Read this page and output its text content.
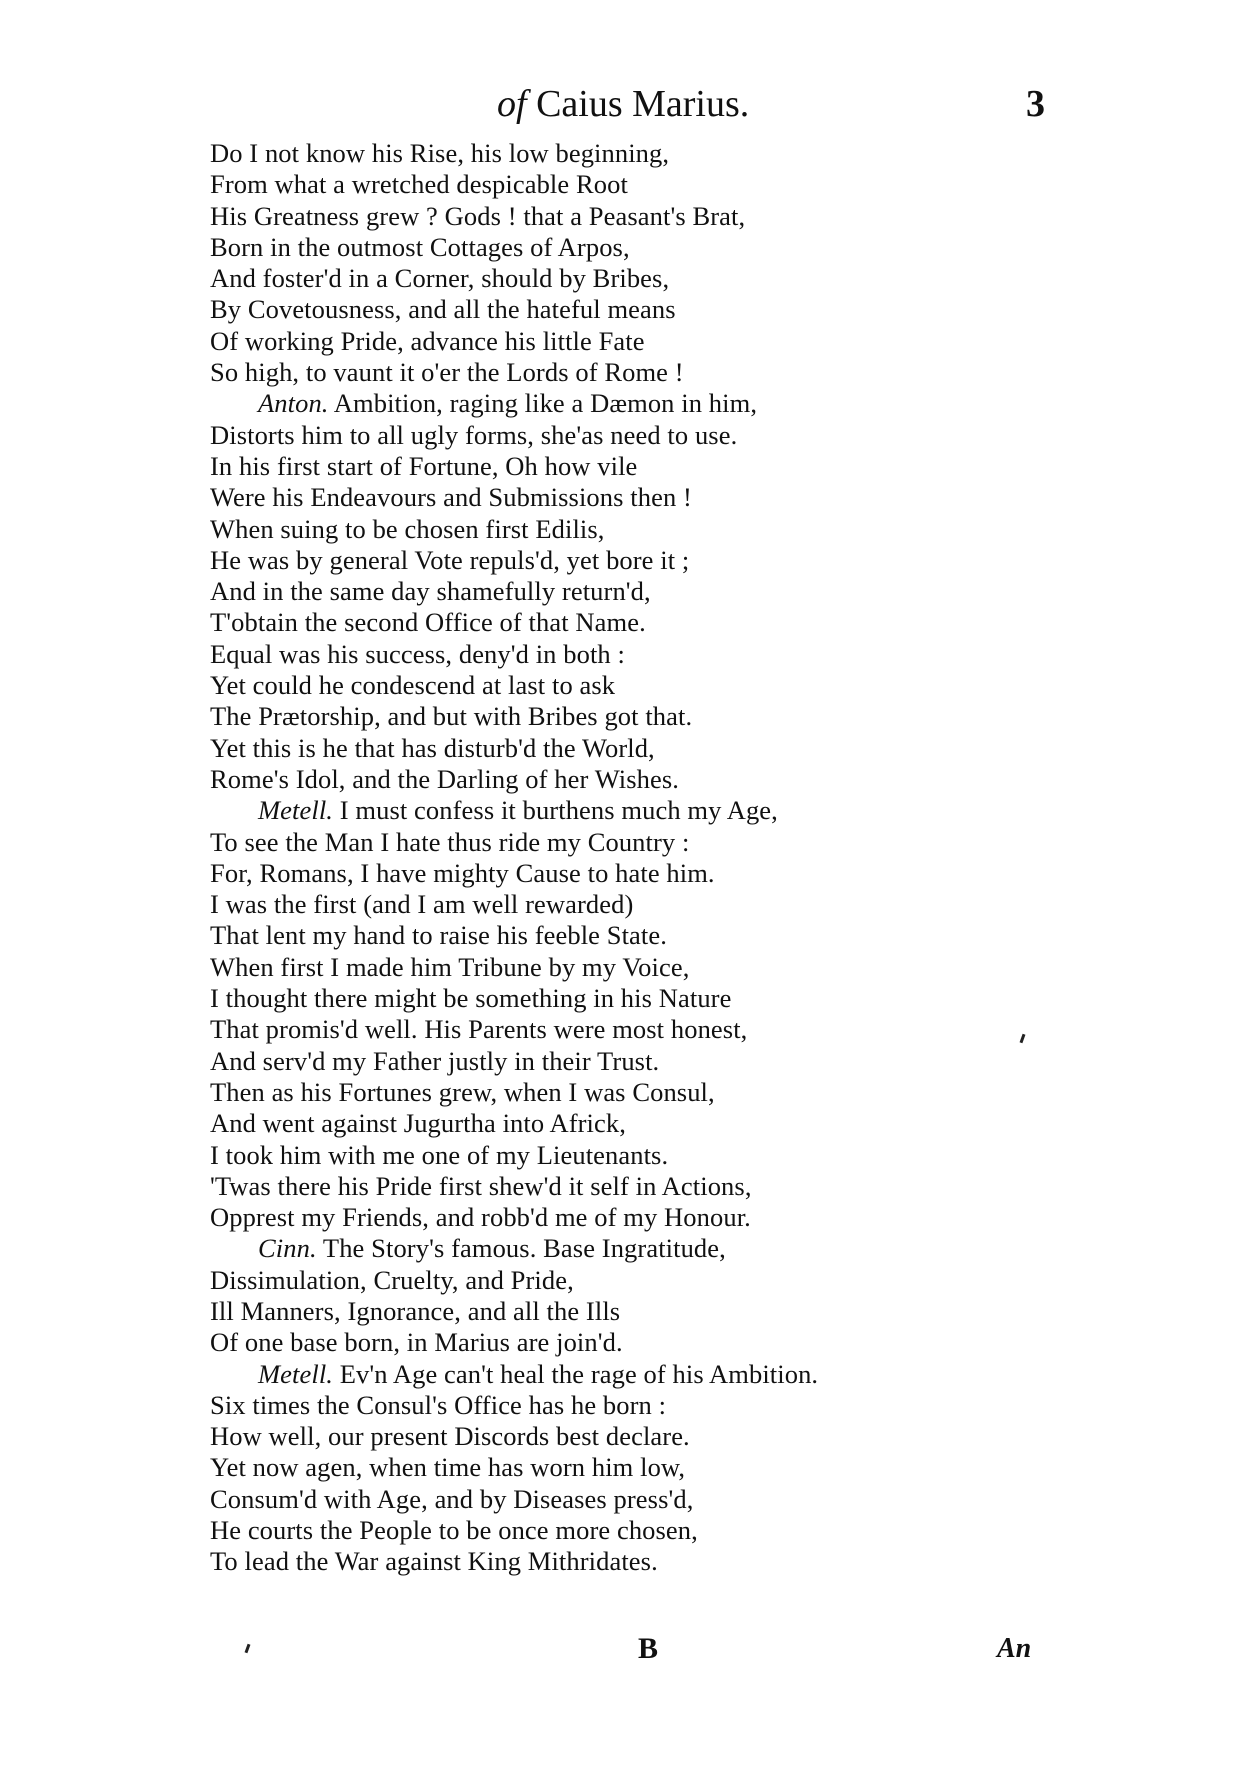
of Caius Marius.	3
Do I not know his Rise, his low beginning,
From what a wretched despicable Root
His Greatness grew ? Gods ! that a Peasant's Brat,
Born in the outmost Cottages of Arpos,
And foster'd in a Corner, should by Bribes,
By Covetousness, and all the hateful means
Of working Pride, advance his little Fate
So high, to vaunt it o'er the Lords of Rome !
Anton. Ambition, raging like a Dæmon in him,
Distorts him to all ugly forms, she'as need to use.
In his first start of Fortune, Oh how vile
Were his Endeavours and Submissions then !
When suing to be chosen first Edilis,
He was by general Vote repuls'd, yet bore it ;
And in the same day shamefully return'd,
T'obtain the second Office of that Name.
Equal was his success, deny'd in both :
Yet could he condescend at last to ask
The Prætorship, and but with Bribes got that.
Yet this is he that has disturb'd the World,
Rome's Idol, and the Darling of her Wishes.
Metell. I must confess it burthens much my Age,
To see the Man I hate thus ride my Country :
For, Romans, I have mighty Cause to hate him.
I was the first (and I am well rewarded)
That lent my hand to raise his feeble State.
When first I made him Tribune by my Voice,
I thought there might be something in his Nature
That promis'd well. His Parents were most honest,
And serv'd my Father justly in their Trust.
Then as his Fortunes grew, when I was Consul,
And went against Jugurtha into Africk,
I took him with me one of my Lieutenants.
'Twas there his Pride first shew'd it self in Actions,
Opprest my Friends, and robb'd me of my Honour.
Cinn. The Story's famous. Base Ingratitude,
Dissimulation, Cruelty, and Pride,
Ill Manners, Ignorance, and all the Ills
Of one base born, in Marius are join'd.
Metell. Ev'n Age can't heal the rage of his Ambition.
Six times the Consul's Office has he born :
How well, our present Discords best declare.
Yet now agen, when time has worn him low,
Consum'd with Age, and by Diseases press'd,
He courts the People to be once more chosen,
To lead the War against King Mithridates.
B	An
